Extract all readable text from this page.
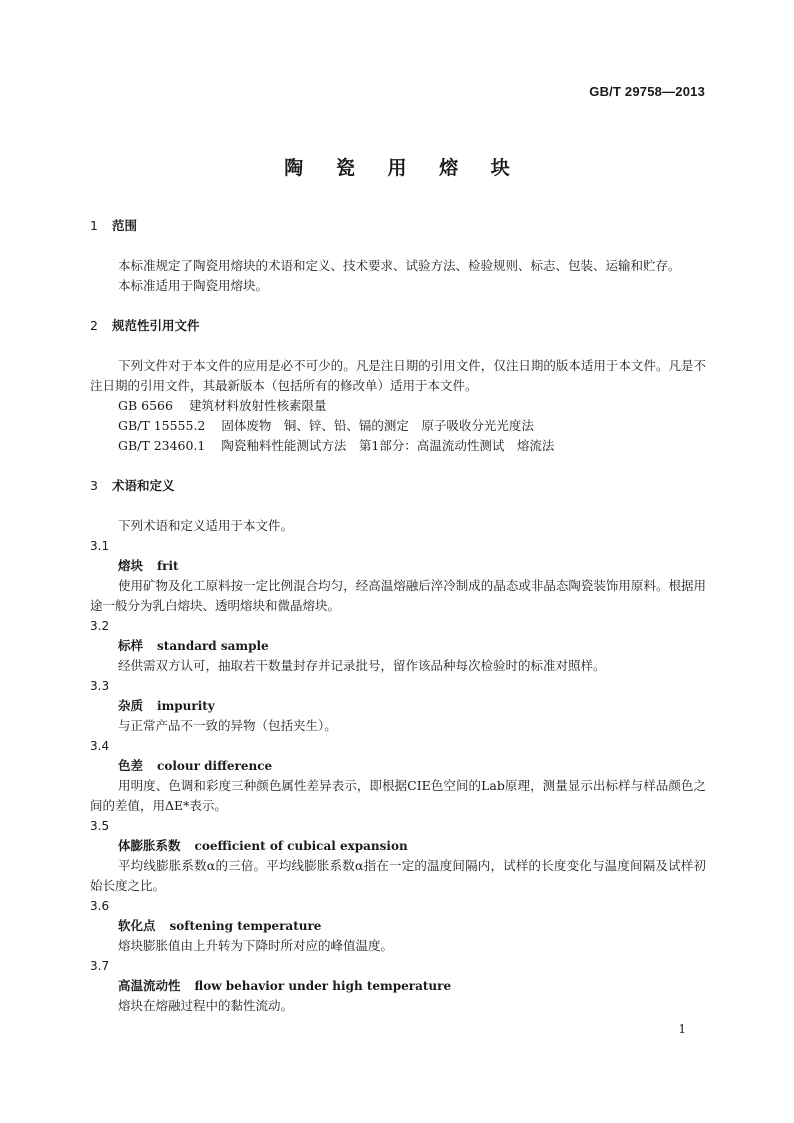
GB/T 29758—2013
陶 瓷 用 熔 块
1 范围
本标准规定了陶瓷用熔块的术语和定义、技术要求、试验方法、检验规则、标志、包装、运输和贮存。
本标准适用于陶瓷用熔块。
2 规范性引用文件
下列文件对于本文件的应用是必不可少的。凡是注日期的引用文件，仅注日期的版本适用于本文件。凡是不注日期的引用文件，其最新版本（包括所有的修改单）适用于本文件。
GB 6566 建筑材料放射性核素限量
GB/T 15555.2 固体废物　铜、锌、铅、镉的测定　原子吸收分光光度法
GB/T 23460.1 陶瓷釉料性能测试方法　第1部分：高温流动性测试　熔流法
3 术语和定义
下列术语和定义适用于本文件。
3.1
熔块 frit
使用矿物及化工原料按一定比例混合均匀，经高温熔融后淬冷制成的晶态或非晶态陶瓷装饰用原料。根据用途一般分为乳白熔块、透明熔块和微晶熔块。
3.2
标样 standard sample
经供需双方认可，抽取若干数量封存并记录批号，留作该品种每次检验时的标准对照样。
3.3
杂质 impurity
与正常产品不一致的异物（包括夹生）。
3.4
色差 colour difference
用明度、色调和彩度三种颜色属性差异表示，即根据CIE色空间的Lab原理，测量显示出标样与样品颜色之间的差值，用ΔE*表示。
3.5
体膨胀系数 coefficient of cubical expansion
平均线膨胀系数α的三倍。平均线膨胀系数α指在一定的温度间隔内，试样的长度变化与温度间隔及试样初始长度之比。
3.6
软化点 softening temperature
熔块膨胀值由上升转为下降时所对应的峰值温度。
3.7
高温流动性 flow behavior under high temperature
熔块在熔融过程中的黏性流动。
1
